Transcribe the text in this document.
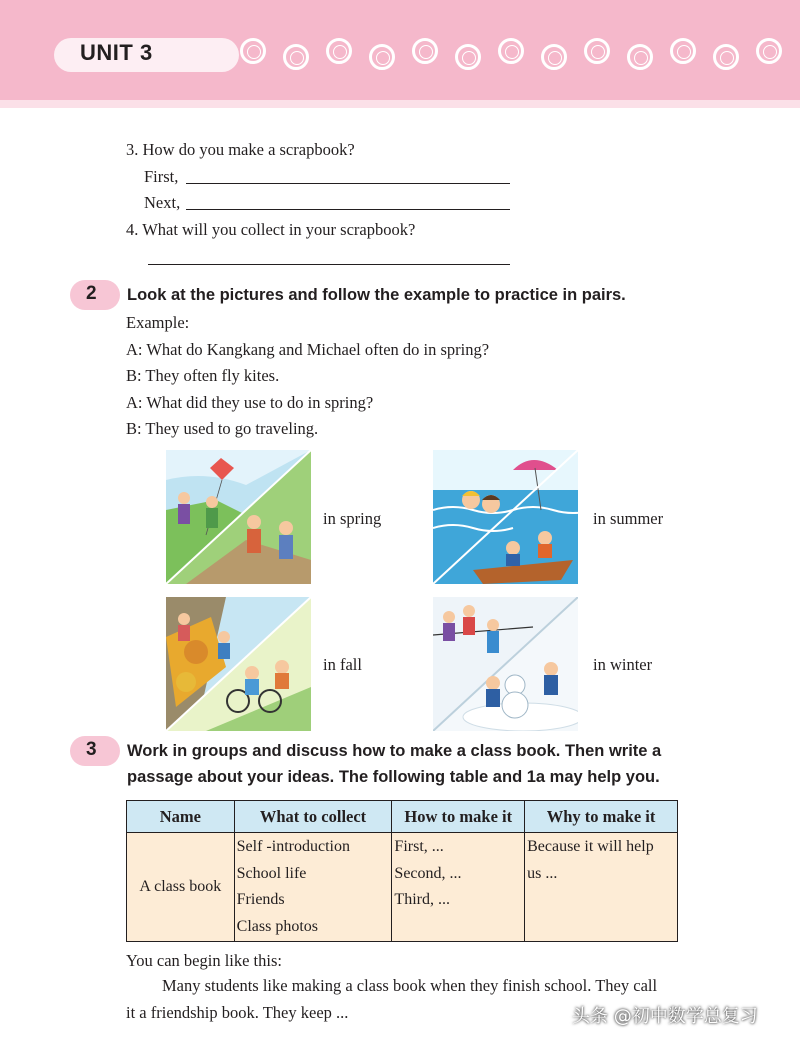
UNIT 3
3. How do you make a scrapbook?
First,
Next,
4. What will you collect in your scrapbook?
2 Look at the pictures and follow the example to practice in pairs.
Example:
A: What do Kangkang and Michael often do in spring?
B: They often fly kites.
A: What did they use to do in spring?
B: They used to go traveling.
in spring	in summer
in fall	in winter
3 Work in groups and discuss how to make a class book. Then write a
passage about your ideas. The following table and 1a may help you.
Name	What to collect	How to make it	Why to make it
A class book	Self -introduction
School life
Friends
Class photos	First, ...
Second, ...
Third, ...	Because it will help
us ...
You can begin like this:
Many students like making a class book when they finish school. They call
it a friendship book. They keep ...	头条 @初中数学总复习
